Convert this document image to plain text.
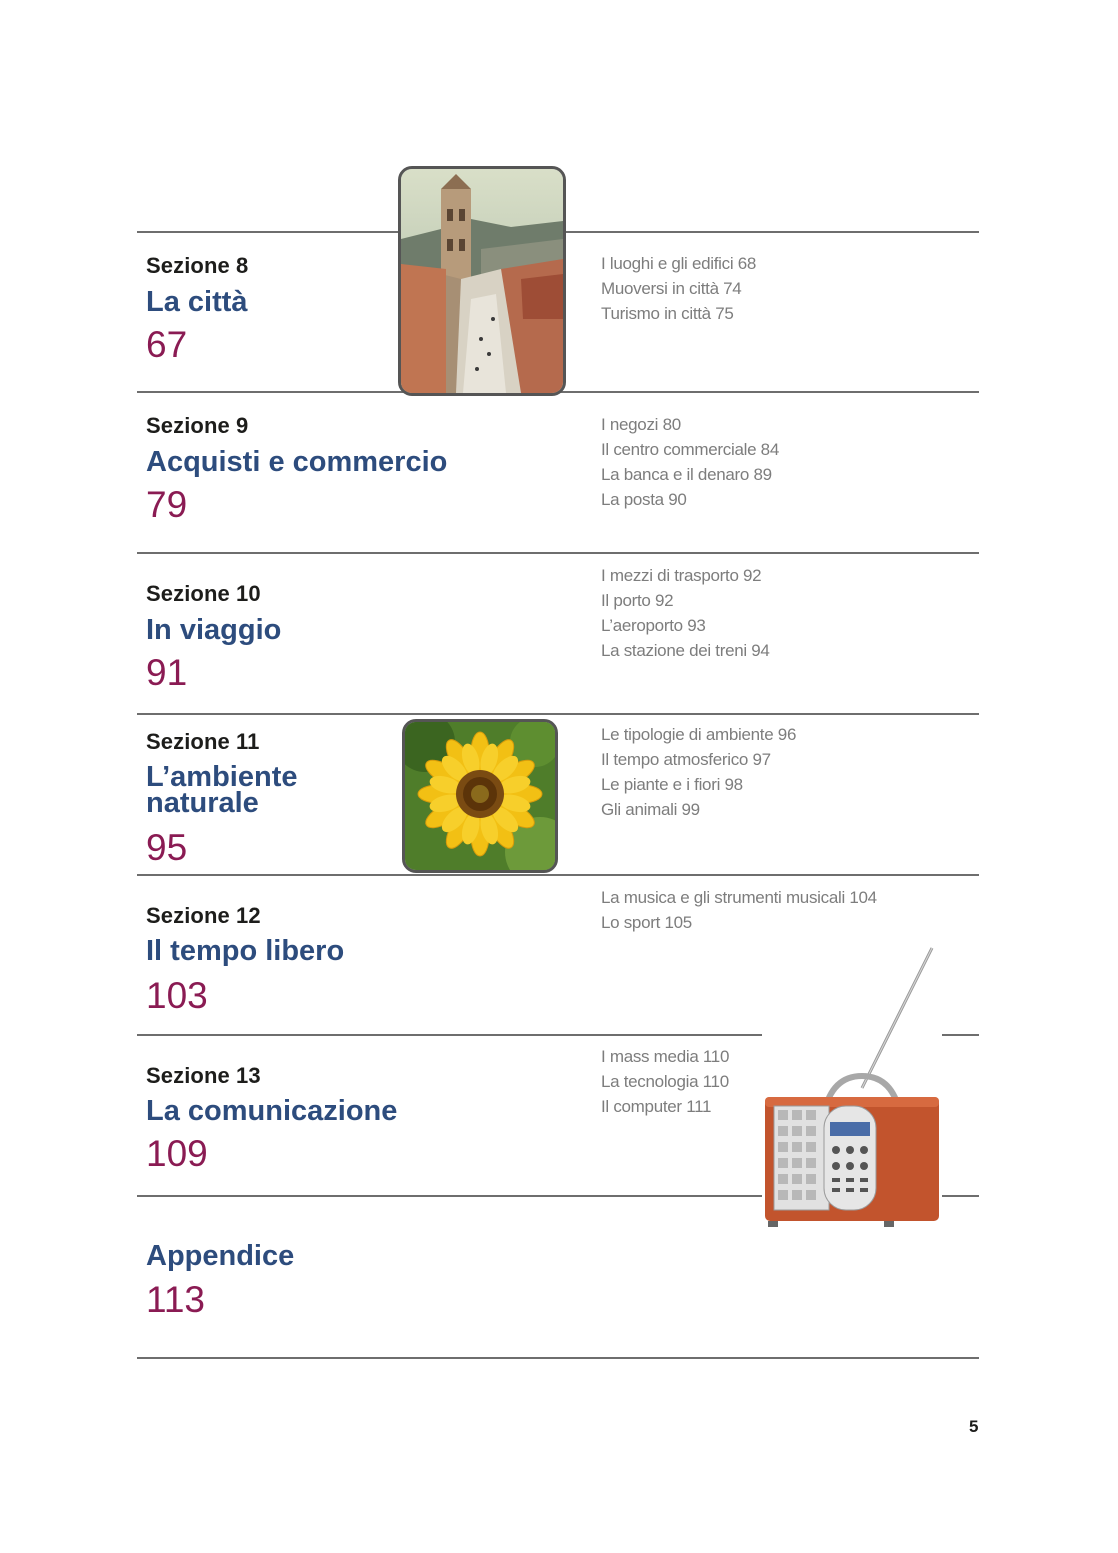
Sezione 8
La città
67
I luoghi e gli edifici 68
Muoversi in città 74
Turismo in città 75
Sezione 9
Acquisti e commercio
79
I negozi 80
Il centro commerciale 84
La banca e il denaro 89
La posta 90
Sezione 10
In viaggio
91
I mezzi di trasporto 92
Il porto 92
L’aeroporto 93
La stazione dei treni 94
Sezione 11
L’ambiente
naturale
95
Le tipologie di ambiente 96
Il tempo atmosferico 97
Le piante e i fiori 98
Gli animali 99
Sezione 12
Il tempo libero
103
La musica e gli strumenti musicali 104
Lo sport 105
Sezione 13
La comunicazione
109
I mass media 110
La tecnologia 110
Il computer 111
Appendice
113
5
